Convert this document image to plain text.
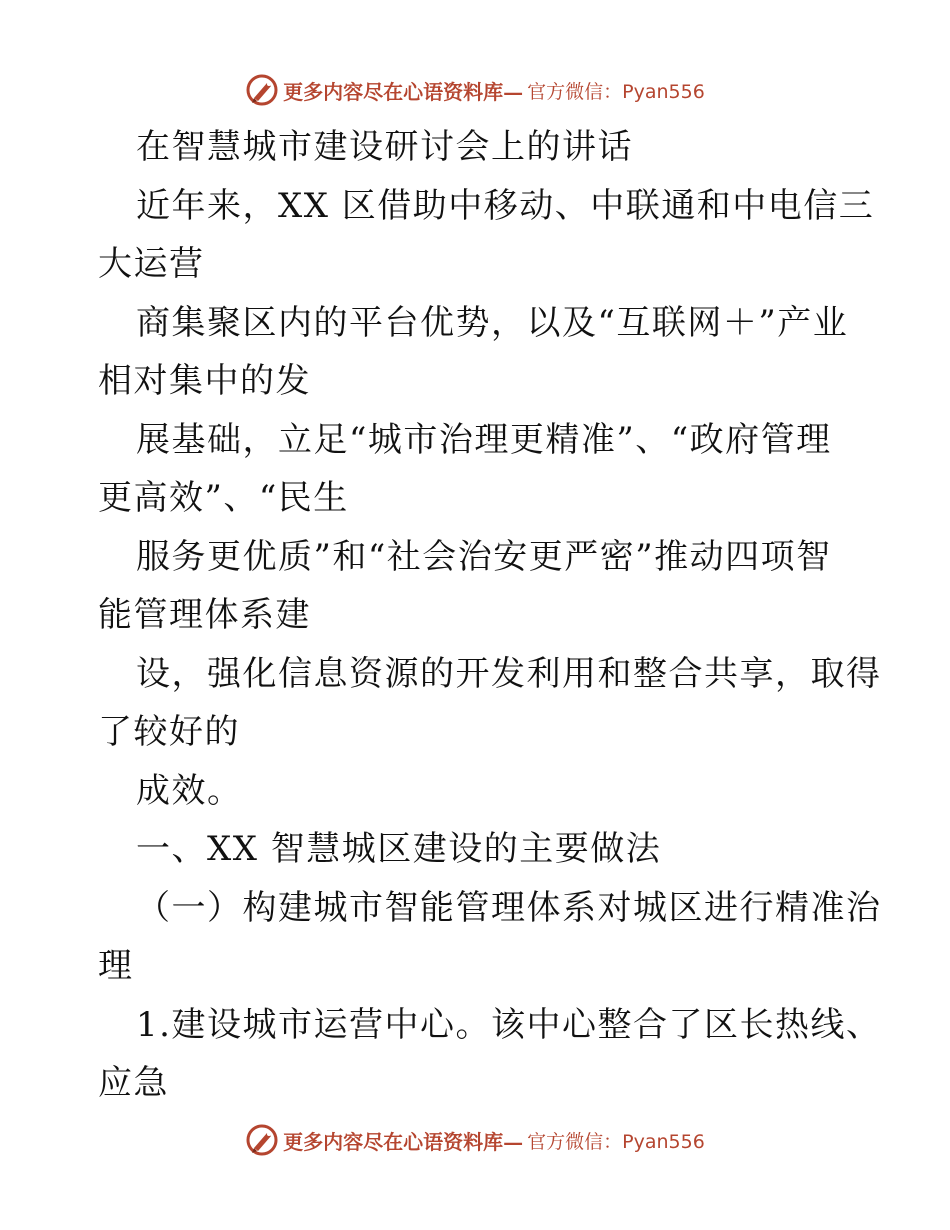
更多内容尽在心语资料库— 官方微信：Pyan556
在智慧城市建设研讨会上的讲话
近年来，XX 区借助中移动、中联通和中电信三
大运营
商集聚区内的平台优势，以及“互联网＋”产业
相对集中的发
展基础，立足“城市治理更精准”、“政府管理
更高效”、“民生
服务更优质”和“社会治安更严密”推动四项智
能管理体系建
设，强化信息资源的开发利用和整合共享，取得
了较好的
成效。
一、XX 智慧城区建设的主要做法
（一）构建城市智能管理体系对城区进行精准治
理
1.建设城市运营中心。该中心整合了区长热线、
应急
更多内容尽在心语资料库— 官方微信：Pyan556
